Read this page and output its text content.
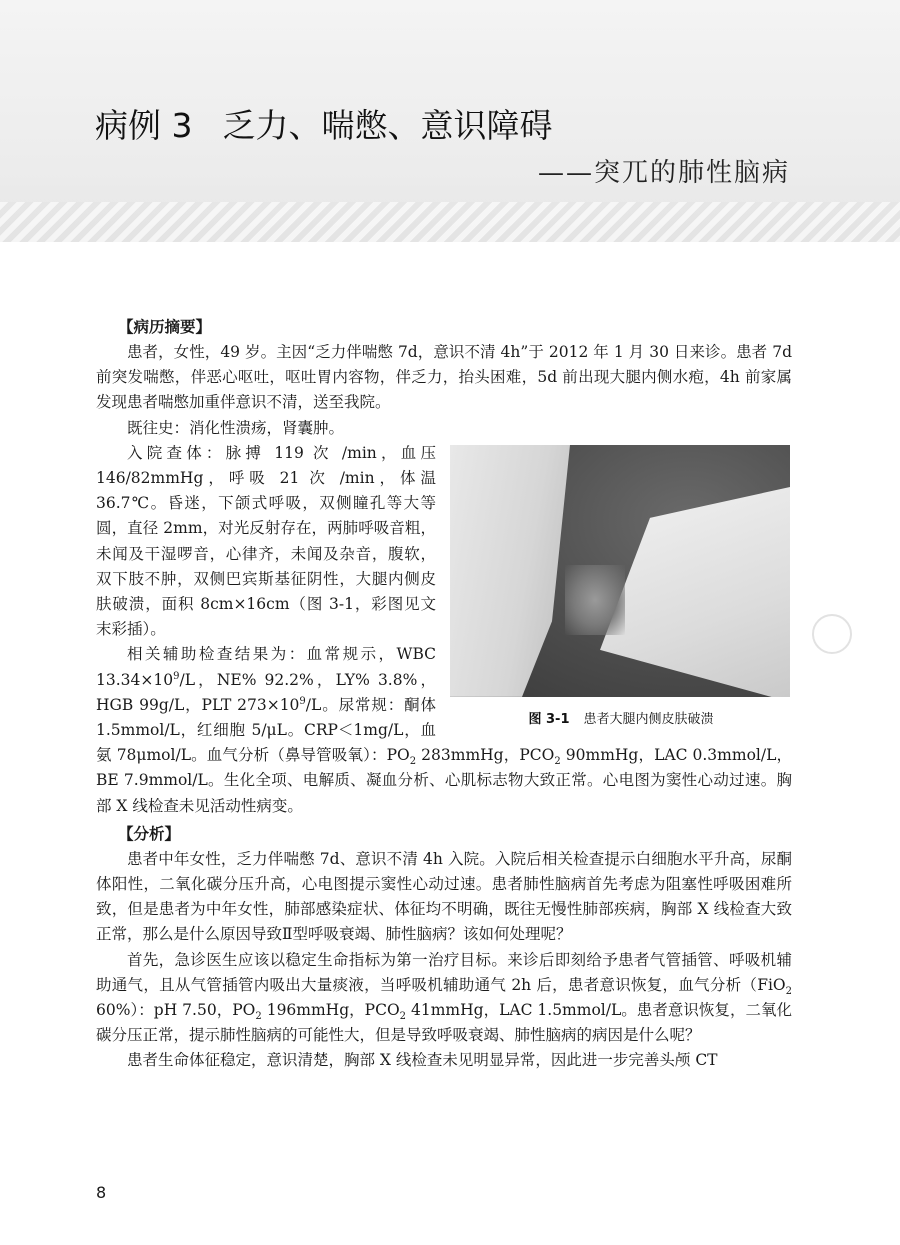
病例 3 乏力、喘憋、意识障碍
——突兀的肺性脑病
【病历摘要】

患者，女性，49 岁。主因“乏力伴喘憋 7d，意识不清 4h”于 2012 年 1 月 30 日来诊。患者 7d 前突发喘憋，伴恶心呕吐，呕吐胃内容物，伴乏力，抬头困难，5d 前出现大腿内侧水疱，4h 前家属发现患者喘憋加重伴意识不清，送至我院。

既往史：消化性溃疡，肾囊肿。

图 3-1 患者大腿内侧皮肤破溃

入院查体：脉搏 119 次 /min，血压 146/82mmHg，呼吸 21 次 /min，体温 36.7℃。昏迷，下颌式呼吸，双侧瞳孔等大等圆，直径 2mm，对光反射存在，两肺呼吸音粗，未闻及干湿啰音，心律齐，未闻及杂音，腹软，双下肢不肿，双侧巴宾斯基征阴性，大腿内侧皮肤破溃，面积 8cm×16cm（图 3-1，彩图见文末彩插）。

相关辅助检查结果为：血常规示，WBC $13.34\times 10^9/L$，NE% 92.2%，LY% 3.8%，HGB 99g/L，PLT $273\times 10^9/L$。尿常规：酮体 1.5mmol/L，红细胞 5/μL。CRP＜1mg/L，血氨 78μmol/L。血气分析（鼻导管吸氧）：$PO_2$ 283mmHg，$PCO_2$ 90mmHg，LAC 0.3mmol/L，BE 7.9mmol/L。生化全项、电解质、凝血分析、心肌标志物大致正常。心电图为窦性心动过速。胸部 X 线检查未见活动性病变。

【分析】

患者中年女性，乏力伴喘憋 7d、意识不清 4h 入院。入院后相关检查提示白细胞水平升高，尿酮体阳性，二氧化碳分压升高，心电图提示窦性心动过速。患者肺性脑病首先考虑为阻塞性呼吸困难所致，但是患者为中年女性，肺部感染症状、体征均不明确，既往无慢性肺部疾病，胸部 X 线检查大致正常，那么是什么原因导致Ⅱ型呼吸衰竭、肺性脑病？该如何处理呢？

首先，急诊医生应该以稳定生命指标为第一治疗目标。来诊后即刻给予患者气管插管、呼吸机辅助通气，且从气管插管内吸出大量痰液，当呼吸机辅助通气 2h 后，患者意识恢复，血气分析（FiO$_2$ 60%）：pH 7.50，$PO_2$ 196mmHg，$PCO_2$ 41mmHg，LAC 1.5mmol/L。患者意识恢复，二氧化碳分压正常，提示肺性脑病的可能性大，但是导致呼吸衰竭、肺性脑病的病因是什么呢？

患者生命体征稳定，意识清楚，胸部 X 线检查未见明显异常，因此进一步完善头颅 CT

8
